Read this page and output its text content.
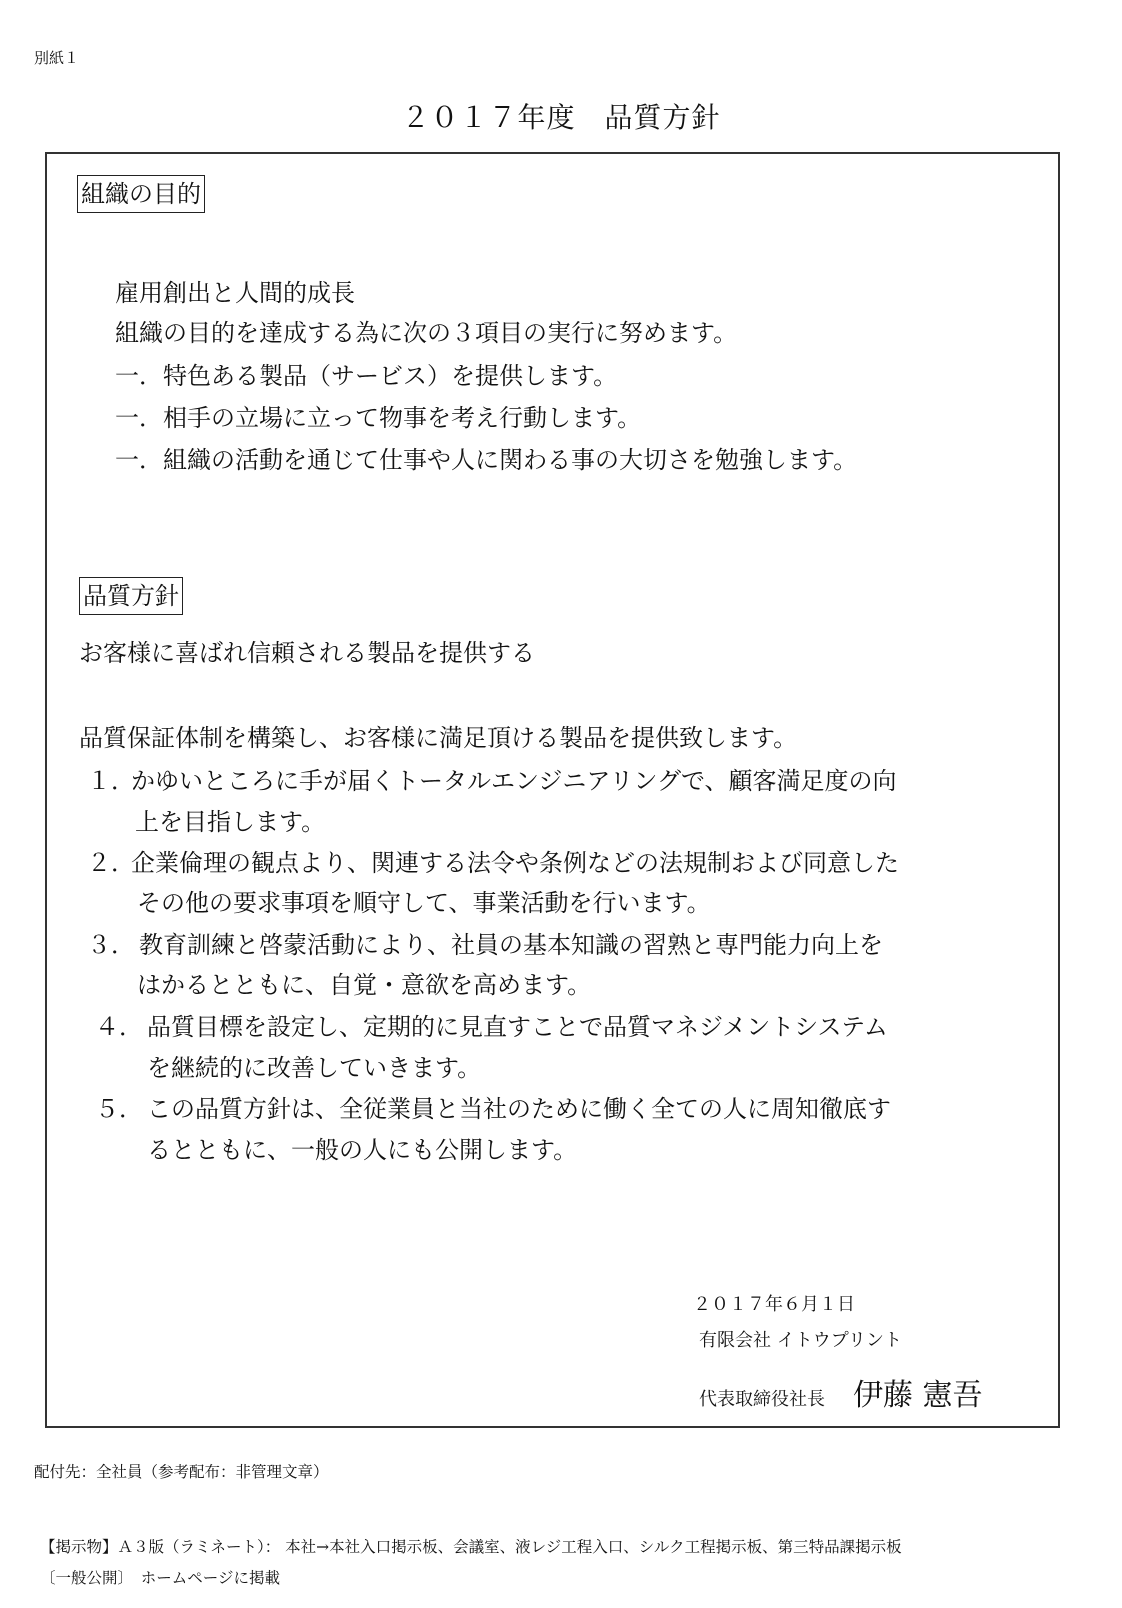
別紙１
２０１７年度　品質方針
組織の目的
雇用創出と人間的成長
組織の目的を達成する為に次の３項目の実行に努めます。
一．特色ある製品（サービス）を提供します。
一．相手の立場に立って物事を考え行動します。
一．組織の活動を通じて仕事や人に関わる事の大切さを勉強します。
品質方針
お客様に喜ばれ信頼される製品を提供する
品質保証体制を構築し、お客様に満足頂ける製品を提供致します。
１．
かゆいところに手が届くトータルエンジニアリングで、顧客満足度の向
上を目指します。
２．
企業倫理の観点より、関連する法令や条例などの法規制および同意した
その他の要求事項を順守して、事業活動を行います。
３． 教育訓練と啓蒙活動により、社員の基本知識の習熟と専門能力向上を
はかるとともに、自覚・意欲を高めます。
４． 品質目標を設定し、定期的に見直すことで品質マネジメントシステム
を継続的に改善していきます。
５． この品質方針は、全従業員と当社のために働く全ての人に周知徹底す
るとともに、一般の人にも公開します。
２０１７年６月１日
有限会社 イトウプリント
代表取締役社長 伊藤 憲吾
配付先：全社員（参考配布：非管理文章）
【掲示物】Ａ３版（ラミネート）： 本社→本社入口掲示板、会議室、液レジ工程入口、シルク工程掲示板、第三特品課掲示板
〔一般公開〕　ホームページに掲載
